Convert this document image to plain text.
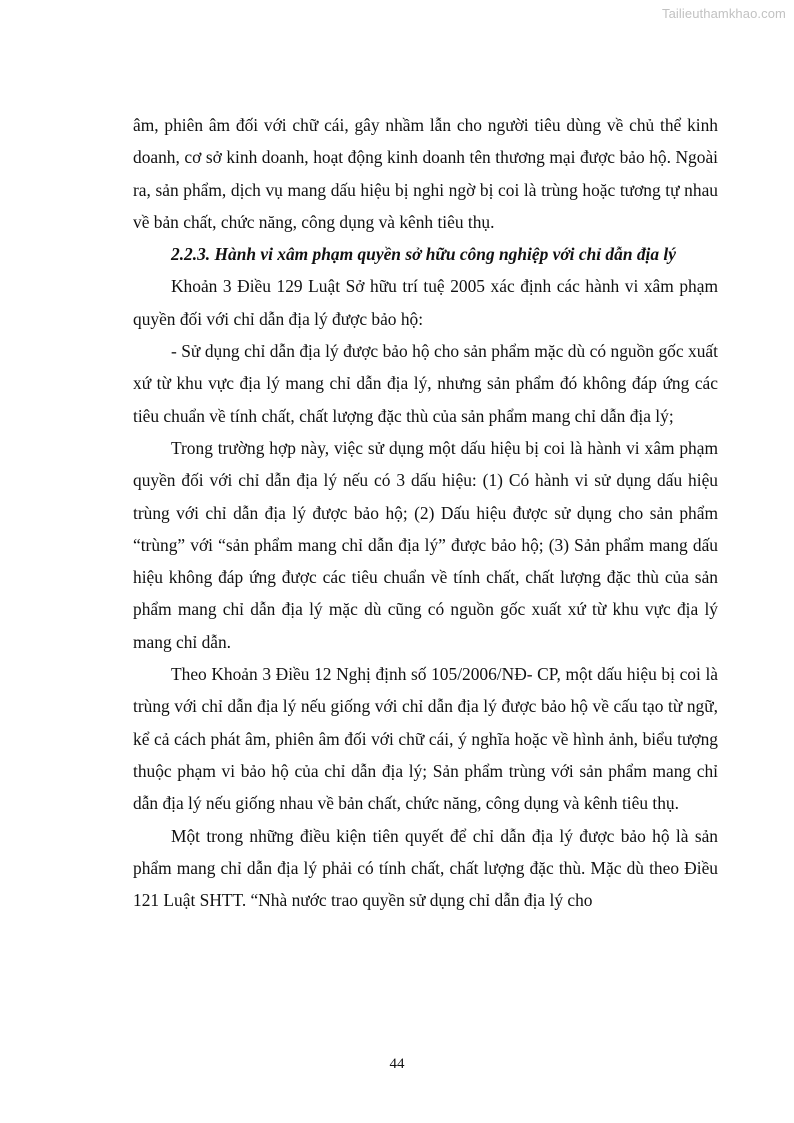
Tailieuthamkhao.com

âm, phiên âm đối với chữ cái, gây nhầm lẫn cho người tiêu dùng về chủ thể kinh doanh, cơ sở kinh doanh, hoạt động kinh doanh tên thương mại được bảo hộ. Ngoài ra, sản phẩm, dịch vụ mang dấu hiệu bị nghi ngờ bị coi là trùng hoặc tương tự nhau về bản chất, chức năng, công dụng và kênh tiêu thụ.

2.2.3. Hành vi xâm phạm quyền sở hữu công nghiệp với chỉ dẫn địa lý

Khoản 3 Điều 129 Luật Sở hữu trí tuệ 2005 xác định các hành vi xâm phạm quyền đối với chỉ dẫn địa lý được bảo hộ:

- Sử dụng chỉ dẫn địa lý được bảo hộ cho sản phẩm mặc dù có nguồn gốc xuất xứ từ khu vực địa lý mang chỉ dẫn địa lý, nhưng sản phẩm đó không đáp ứng các tiêu chuẩn về tính chất, chất lượng đặc thù của sản phẩm mang chỉ dẫn địa lý;

Trong trường hợp này, việc sử dụng một dấu hiệu bị coi là hành vi xâm phạm quyền đối với chỉ dẫn địa lý nếu có 3 dấu hiệu: (1) Có hành vi sử dụng dấu hiệu trùng với chỉ dẫn địa lý được bảo hộ; (2) Dấu hiệu được sử dụng cho sản phẩm “trùng” với “sản phẩm mang chỉ dẫn địa lý” được bảo hộ; (3) Sản phẩm mang dấu hiệu không đáp ứng được các tiêu chuẩn về tính chất, chất lượng đặc thù của sản phẩm mang chỉ dẫn địa lý mặc dù cũng có nguồn gốc xuất xứ từ khu vực địa lý mang chỉ dẫn.

Theo Khoản 3 Điều 12 Nghị định số 105/2006/NĐ- CP, một dấu hiệu bị coi là trùng với chỉ dẫn địa lý nếu giống với chỉ dẫn địa lý được bảo hộ về cấu tạo từ ngữ, kể cả cách phát âm, phiên âm đối với chữ cái, ý nghĩa hoặc về hình ảnh, biểu tượng thuộc phạm vi bảo hộ của chỉ dẫn địa lý; Sản phẩm trùng với sản phẩm mang chỉ dẫn địa lý nếu giống nhau về bản chất, chức năng, công dụng và kênh tiêu thụ.

Một trong những điều kiện tiên quyết để chỉ dẫn địa lý được bảo hộ là sản phẩm mang chỉ dẫn địa lý phải có tính chất, chất lượng đặc thù. Mặc dù theo Điều 121 Luật SHTT. “Nhà nước trao quyền sử dụng chỉ dẫn địa lý cho

44
